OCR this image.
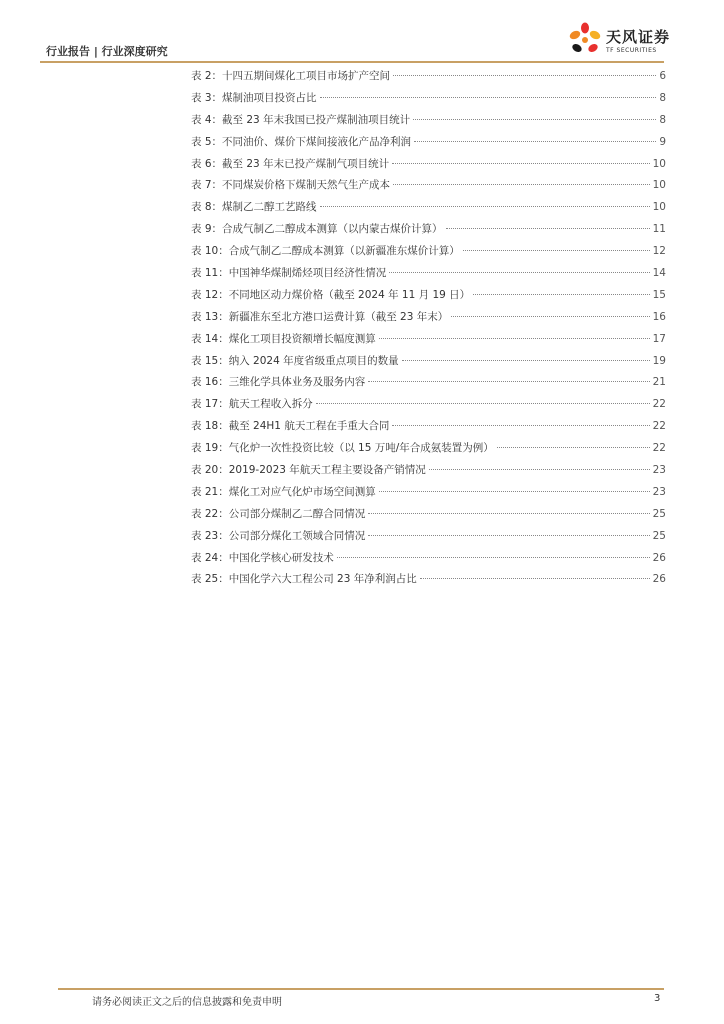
行业报告 | 行业深度研究
天风证券
TF SECURITIES
表 2： 十四五期间煤化工项目市场扩产空间	6
表 3： 煤制油项目投资占比	8
表 4： 截至 23 年末我国已投产煤制油项目统计	8
表 5： 不同油价、煤价下煤间接液化产品净利润	9
表 6： 截至 23 年末已投产煤制气项目统计	10
表 7： 不同煤炭价格下煤制天然气生产成本	10
表 8： 煤制乙二醇工艺路线	10
表 9： 合成气制乙二醇成本测算（以内蒙古煤价计算）	11
表 10： 合成气制乙二醇成本测算（以新疆准东煤价计算）	12
表 11： 中国神华煤制烯烃项目经济性情况	14
表 12： 不同地区动力煤价格（截至 2024 年 11 月 19 日）	15
表 13： 新疆准东至北方港口运费计算（截至 23 年末）	16
表 14： 煤化工项目投资额增长幅度测算	17
表 15： 纳入 2024 年度省级重点项目的数量	19
表 16： 三维化学具体业务及服务内容	21
表 17： 航天工程收入拆分	22
表 18： 截至 24H1 航天工程在手重大合同	22
表 19： 气化炉一次性投资比较（以 15 万吨/年合成氨装置为例）	22
表 20： 2019-2023 年航天工程主要设备产销情况	23
表 21： 煤化工对应气化炉市场空间测算	23
表 22： 公司部分煤制乙二醇合同情况	25
表 23： 公司部分煤化工领域合同情况	25
表 24： 中国化学核心研发技术	26
表 25： 中国化学六大工程公司 23 年净利润占比	26
请务必阅读正文之后的信息披露和免责申明	3
